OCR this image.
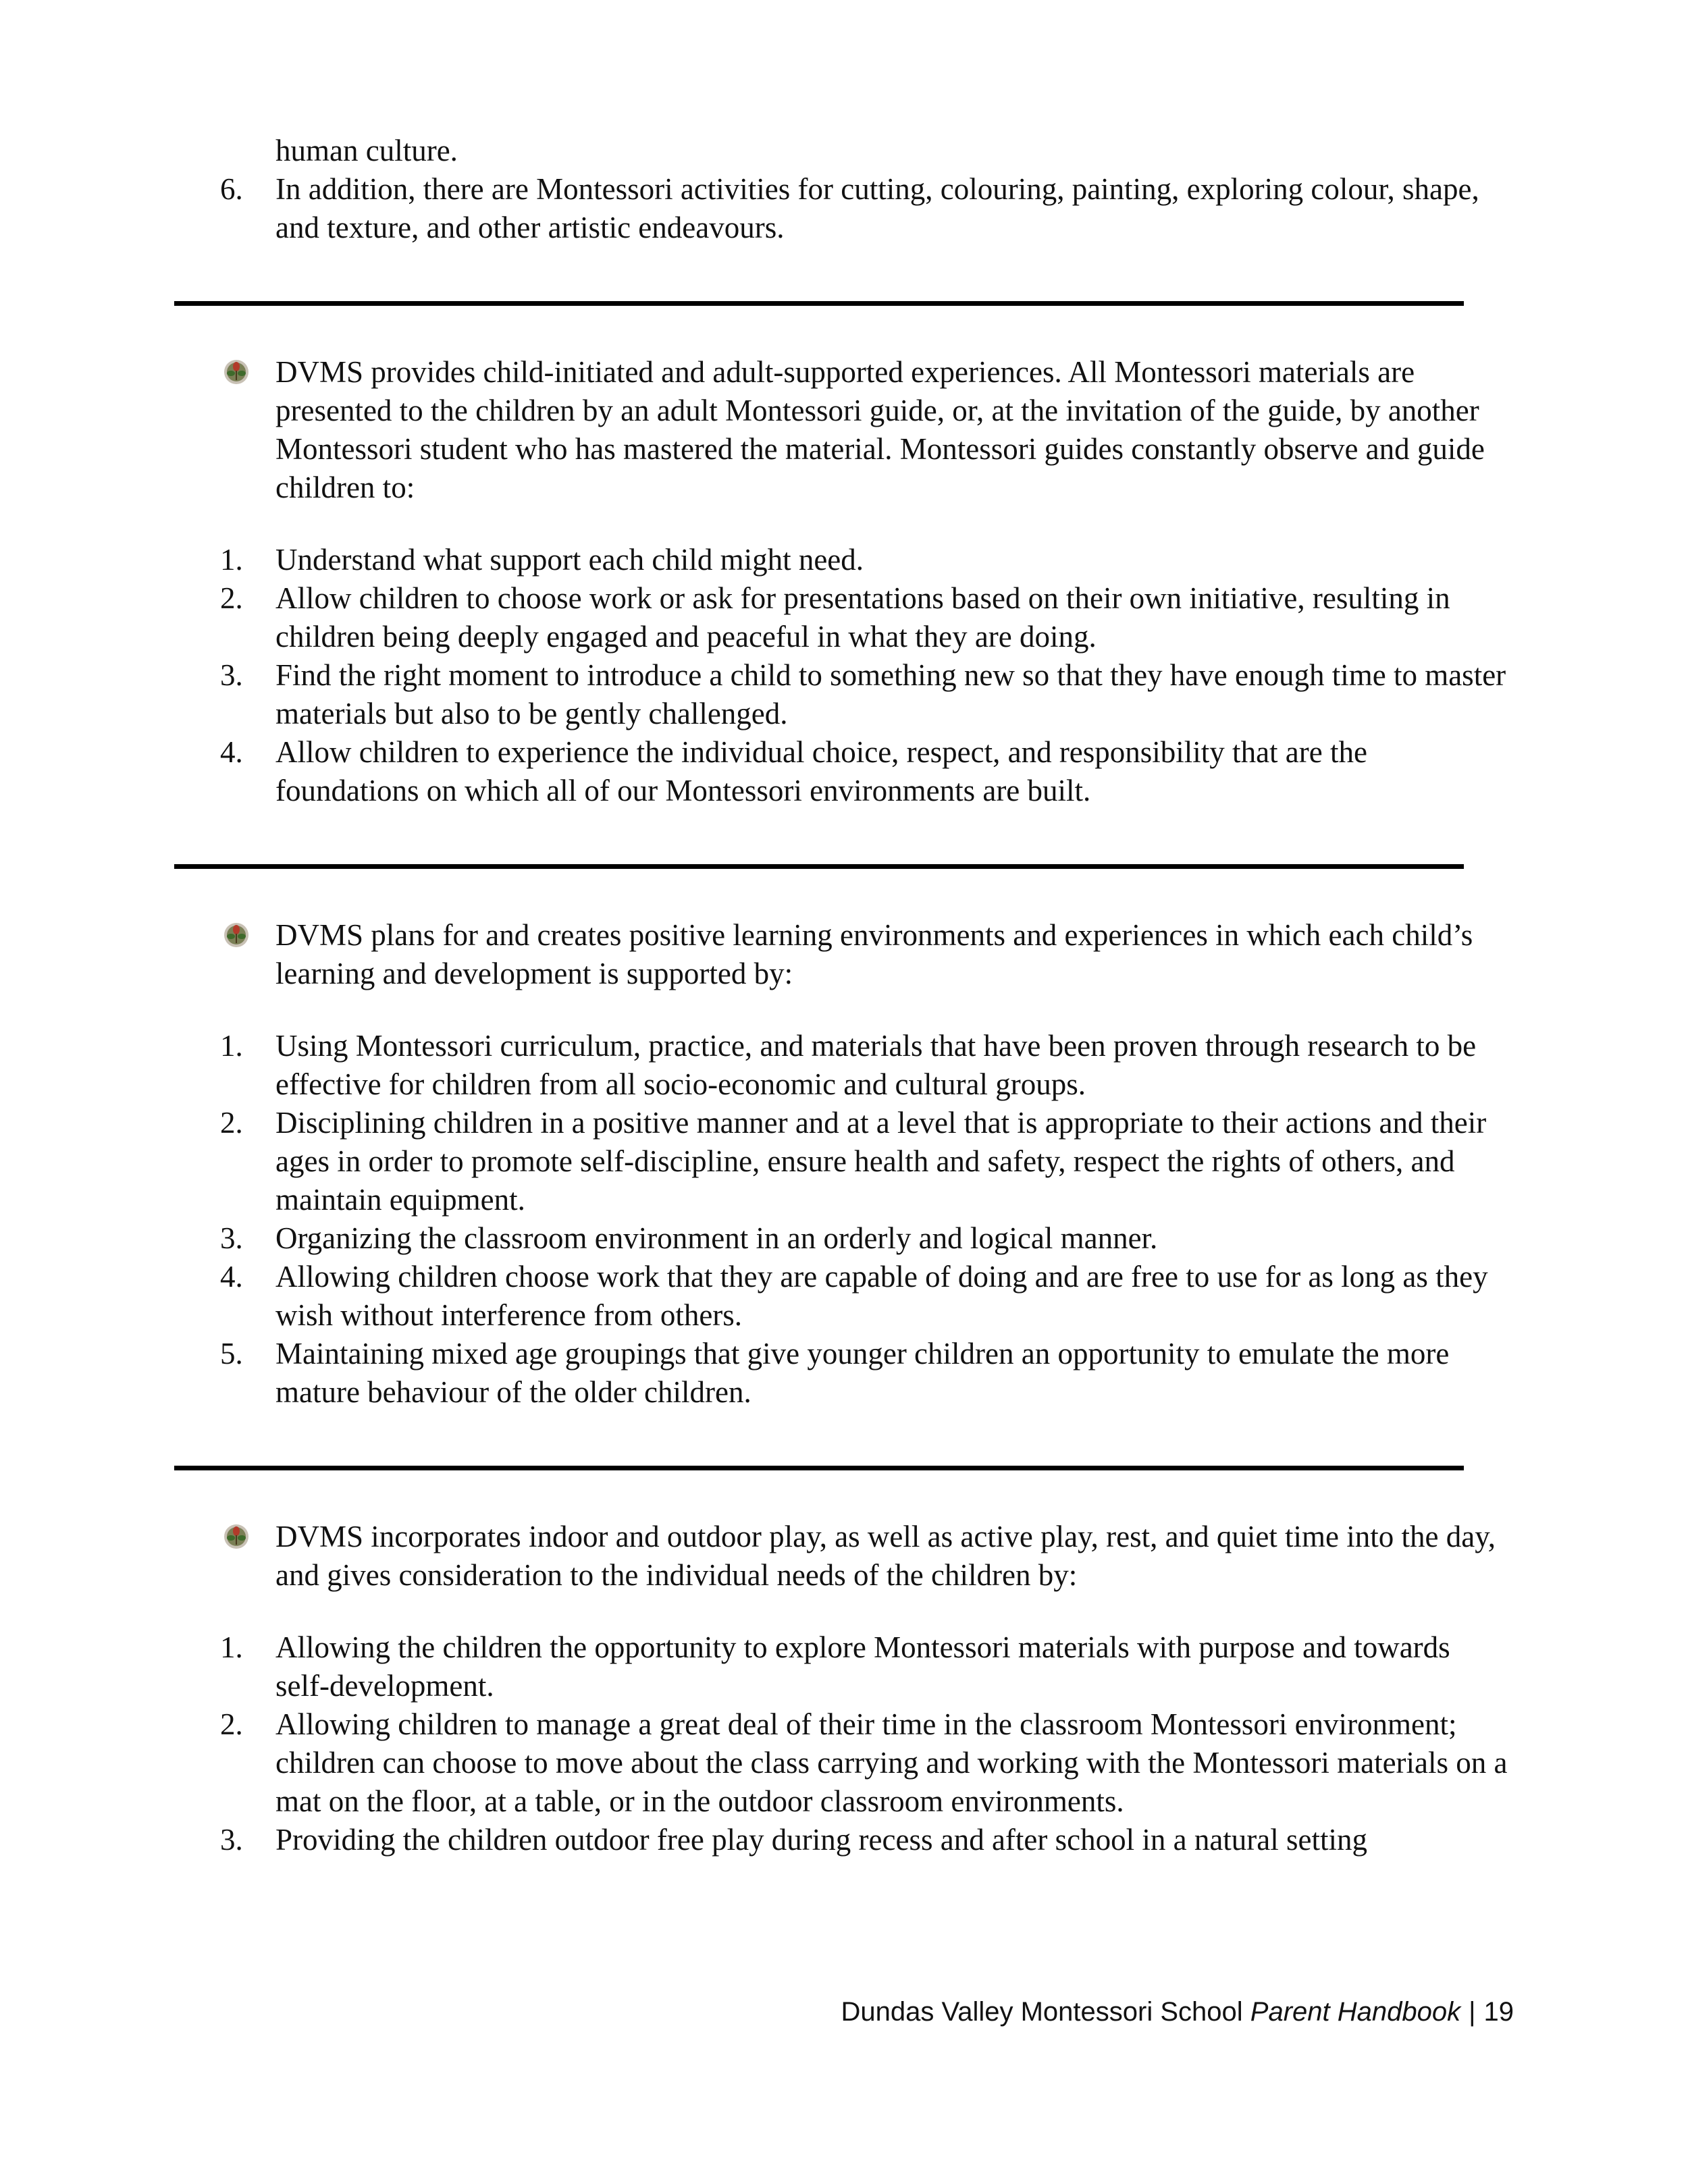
human culture.
6. In addition, there are Montessori activities for cutting, colouring, painting, exploring colour, shape, and texture, and other artistic endeavours.
DVMS provides child-initiated and adult-supported experiences. All Montessori materials are presented to the children by an adult Montessori guide, or, at the invitation of the guide, by another Montessori student who has mastered the material. Montessori guides constantly observe and guide children to:
1. Understand what support each child might need.
2. Allow children to choose work or ask for presentations based on their own initiative, resulting in children being deeply engaged and peaceful in what they are doing.
3. Find the right moment to introduce a child to something new so that they have enough time to master materials but also to be gently challenged.
4. Allow children to experience the individual choice, respect, and responsibility that are the foundations on which all of our Montessori environments are built.
DVMS plans for and creates positive learning environments and experiences in which each child’s learning and development is supported by:
1. Using Montessori curriculum, practice, and materials that have been proven through research to be effective for children from all socio-economic and cultural groups.
2. Disciplining children in a positive manner and at a level that is appropriate to their actions and their ages in order to promote self-discipline, ensure health and safety, respect the rights of others, and maintain equipment.
3. Organizing the classroom environment in an orderly and logical manner.
4. Allowing children choose work that they are capable of doing and are free to use for as long as they wish without interference from others.
5. Maintaining mixed age groupings that give younger children an opportunity to emulate the more mature behaviour of the older children.
DVMS incorporates indoor and outdoor play, as well as active play, rest, and quiet time into the day, and gives consideration to the individual needs of the children by:
1. Allowing the children the opportunity to explore Montessori materials with purpose and towards self-development.
2. Allowing children to manage a great deal of their time in the classroom Montessori environment; children can choose to move about the class carrying and working with the Montessori materials on a mat on the floor, at a table, or in the outdoor classroom environments.
3. Providing the children outdoor free play during recess and after school in a natural setting
Dundas Valley Montessori School Parent Handbook | 19
